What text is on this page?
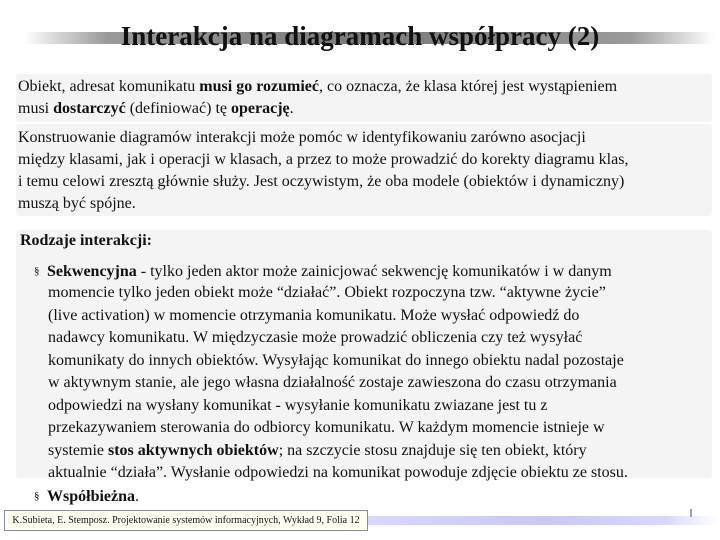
Interakcja na diagramach współpracy (2)
Obiekt, adresat komunikatu musi go rozumieć, co oznacza, że klasa której jest wystąpieniem
musi dostarczyć (definiować) tę operację.
Konstruowanie diagramów interakcji może pomóc w identyfikowaniu zarówno asocjacji
między klasami, jak i operacji w klasach, a przez to może prowadzić do korekty diagramu klas,
i temu celowi zresztą głównie służy. Jest oczywistym, że oba modele (obiektów i dynamiczny)
muszą być spójne.
Rodzaje interakcji:
§ Sekwencyjna - tylko jeden aktor może zainicjować sekwencję komunikatów i w danym
momencie tylko jeden obiekt może “działać”. Obiekt rozpoczyna tzw. “aktywne życie”
(live activation) w momencie otrzymania komunikatu. Może wysłać odpowiedź do
nadawcy komunikatu. W międzyczasie może prowadzić obliczenia czy też wysyłać
komunikaty do innych obiektów. Wysyłając komunikat do innego obiektu nadal pozostaje
w aktywnym stanie, ale jego własna działalność zostaje zawieszona do czasu otrzymania
odpowiedzi na wysłany komunikat - wysyłanie komunikatu zwiazane jest tu z
przekazywaniem sterowania do odbiorcy komunikatu. W każdym momencie istnieje w
systemie stos aktywnych obiektów; na szczycie stosu znajduje się ten obiekt, który
aktualnie “działa”. Wysłanie odpowiedzi na komunikat powoduje zdjęcie obiektu ze stosu.
§ Współbieżna.
K.Subieta, E. Stemposz. Projektowanie systemów informacyjnych, Wykład 9, Folia 12
